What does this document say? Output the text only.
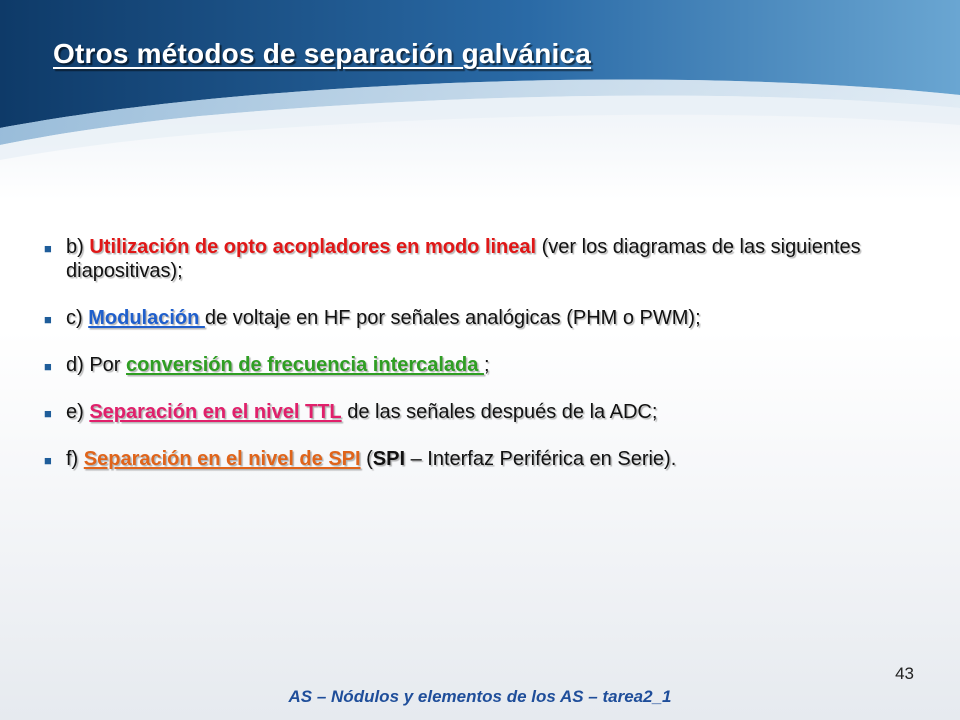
Otros métodos de separación galvánica
■ b) Utilización de opto acopladores en modo lineal (ver los diagramas de las siguientes diapositivas);
■ c) Modulación de voltaje en HF por señales analógicas (PHM o PWM);
■ d) Por conversión de frecuencia intercalada ;
■ e) Separación en el nivel TTL de las señales después de la ADC;
■ f) Separación en el nivel de SPI (SPI – Interfaz Periférica en Serie).
43
AS – Nódulos y elementos de los AS – tarea2_1
